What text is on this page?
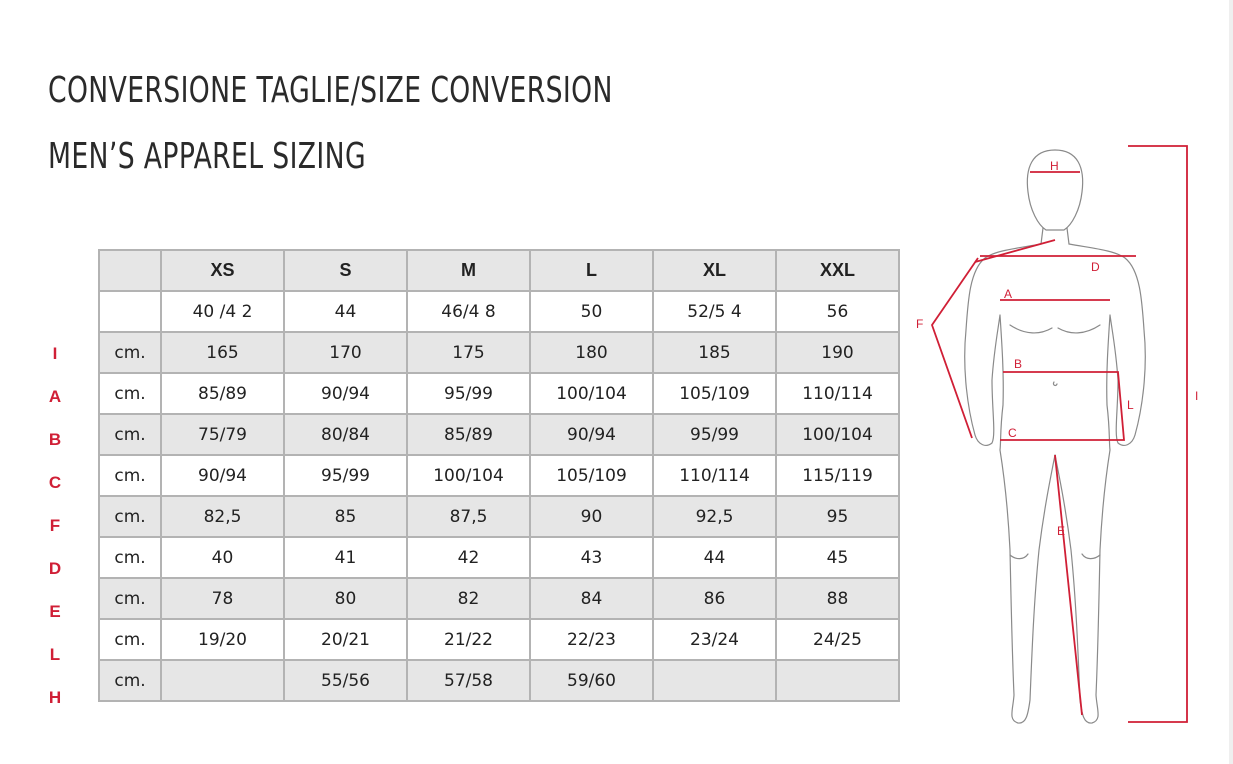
CONVERSIONE TAGLIE/SIZE CONVERSION
MEN’S APPAREL SIZING
I
A
B
C
F
D
E
L
H
	XS	S	M	L	XL	XXL
	40 /4 2	44	46/4 8	50	52/5 4	56
cm.	165	170	175	180	185	190
cm.	85/89	90/94	95/99	100/104	105/109	110/114
cm.	75/79	80/84	85/89	90/94	95/99	100/104
cm.	90/94	95/99	100/104	105/109	110/114	115/119
cm.	82,5	85	87,5	90	92,5	95
cm.	40	41	42	43	44	45
cm.	78	80	82	84	86	88
cm.	19/20	20/21	21/22	22/23	23/24	24/25
cm.		55/56	57/58	59/60		
H
D
A
F
B
L
C
E
I
